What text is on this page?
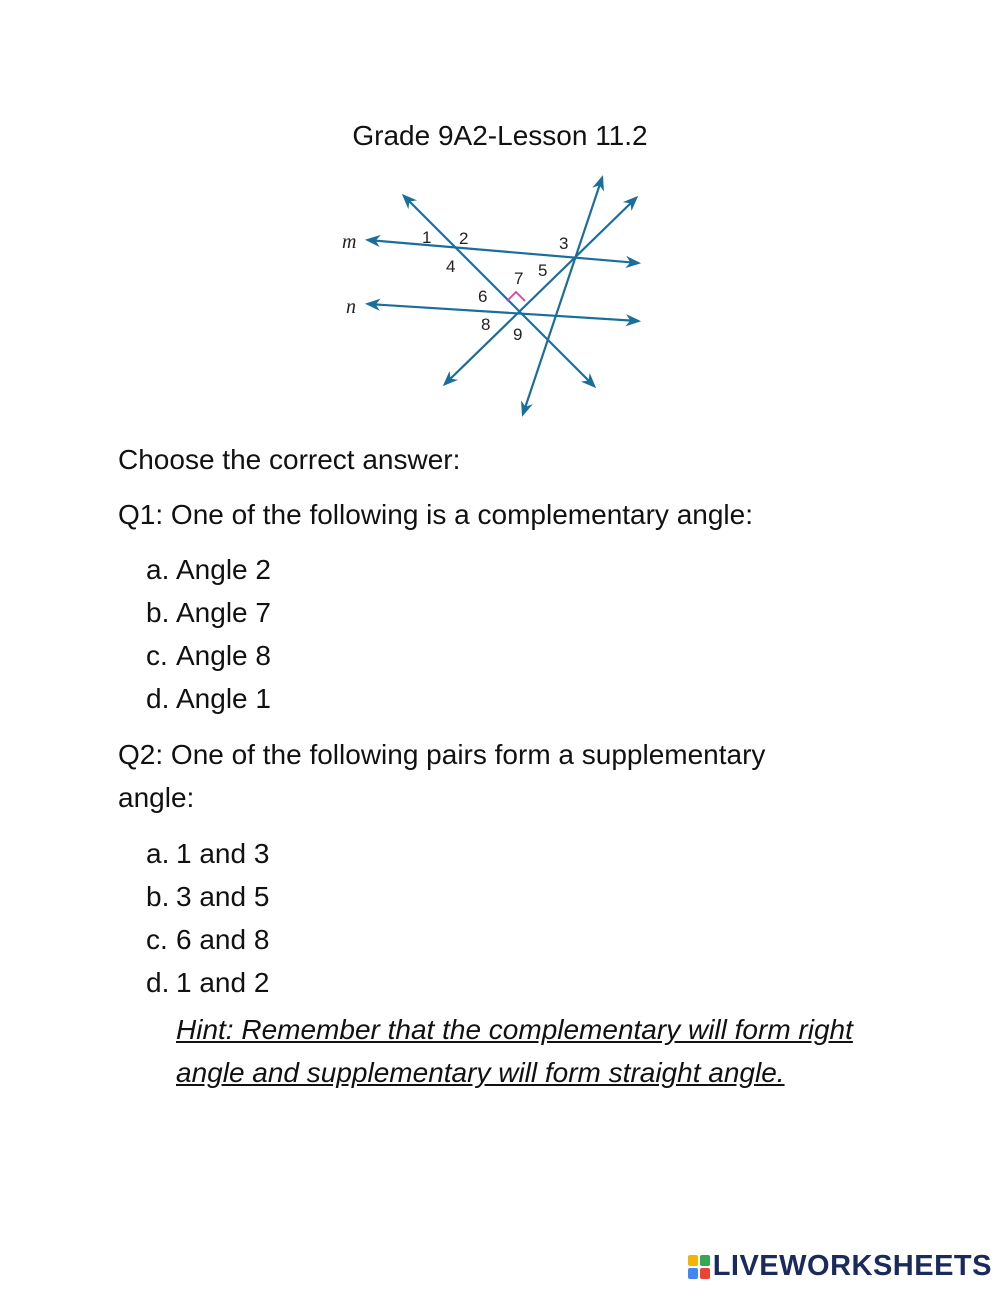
Grade 9A2-Lesson 11.2
m
n
1 2	3
4	5
6
7
8
9
Choose the correct answer:
Q1: One of the following is a complementary angle:
a. Angle 2
b. Angle 7
c. Angle 8
d. Angle 1
Q2: One of the following pairs form a supplementary
angle:
a. 1 and 3
b. 3 and 5
c. 6 and 8
d. 1 and 2
Hint: Remember that the complementary will form right angle and supplementary will form straight angle.
LIVEWORKSHEETS
